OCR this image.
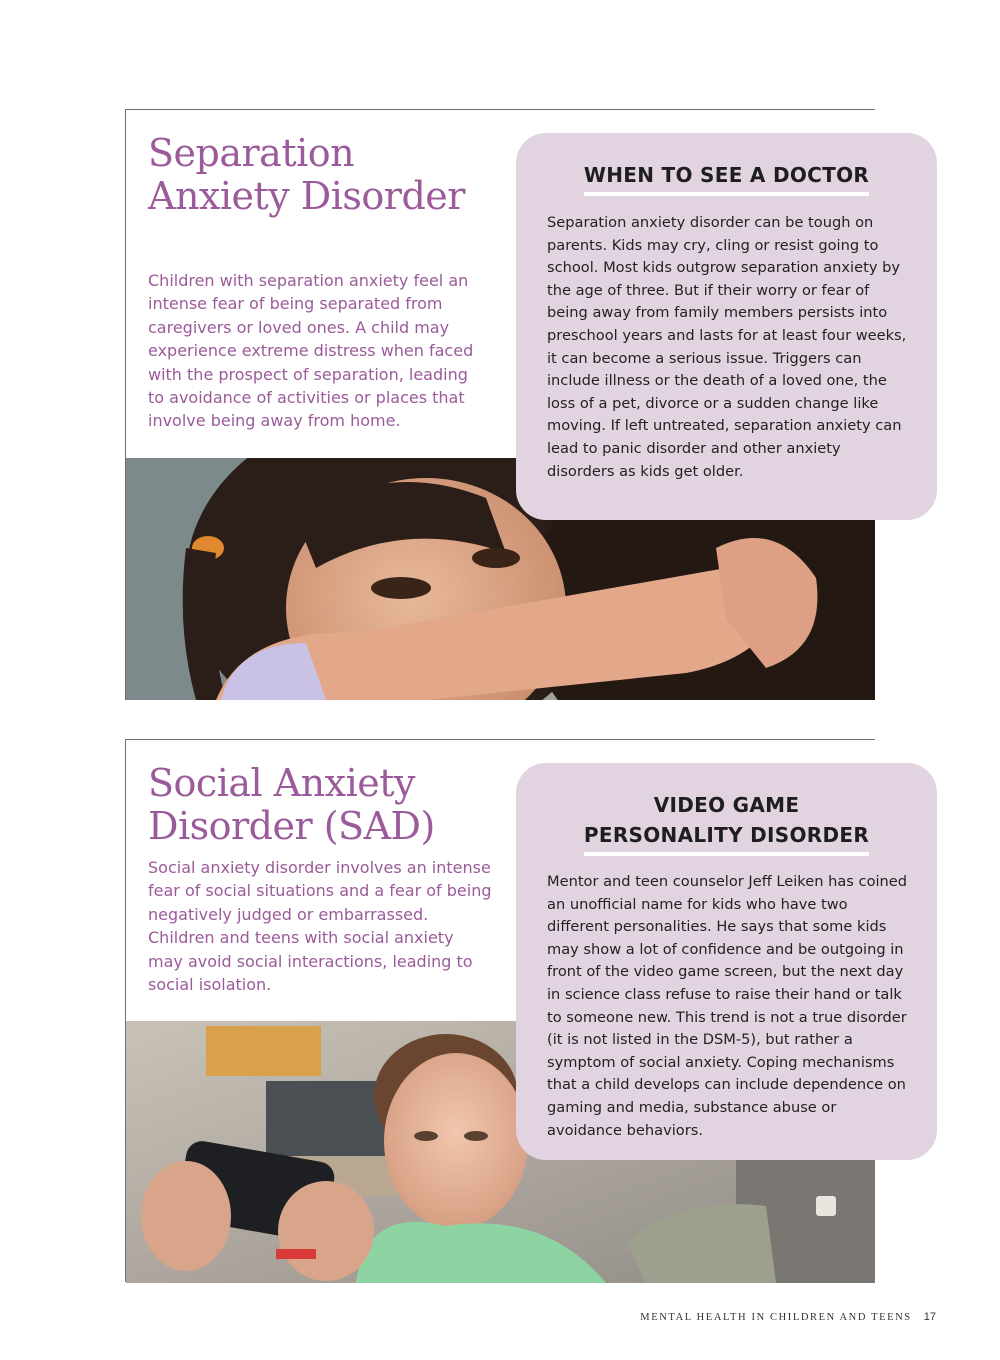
Separation Anxiety Disorder

Children with separation anxiety feel an intense fear of being separated from caregivers or loved ones. A child may experience extreme distress when faced with the prospect of separation, leading to avoidance of activities or places that involve being away from home.

WHEN TO SEE A DOCTOR

Separation anxiety disorder can be tough on parents. Kids may cry, cling or resist going to school. Most kids outgrow separation anxiety by the age of three. But if their worry or fear of being away from family members persists into preschool years and lasts for at least four weeks, it can become a serious issue. Triggers can include illness or the death of a loved one, the loss of a pet, divorce or a sudden change like moving. If left untreated, separation anxiety can lead to panic disorder and other anxiety disorders as kids get older.

Social Anxiety Disorder (SAD)

Social anxiety disorder involves an intense fear of social situations and a fear of being negatively judged or embarrassed. Children and teens with social anxiety may avoid social interactions, leading to social isolation.

VIDEO GAME
PERSONALITY DISORDER

Mentor and teen counselor Jeff Leiken has coined an unofficial name for kids who have two different personalities. He says that some kids may show a lot of confidence and be outgoing in front of the video game screen, but the next day in science class refuse to raise their hand or talk to someone new. This trend is not a true disorder (it is not listed in the DSM-5), but rather a symptom of social anxiety. Coping mechanisms that a child develops can include dependence on gaming and media, substance abuse or avoidance behaviors.

MENTAL HEALTH IN CHILDREN AND TEENS 17
